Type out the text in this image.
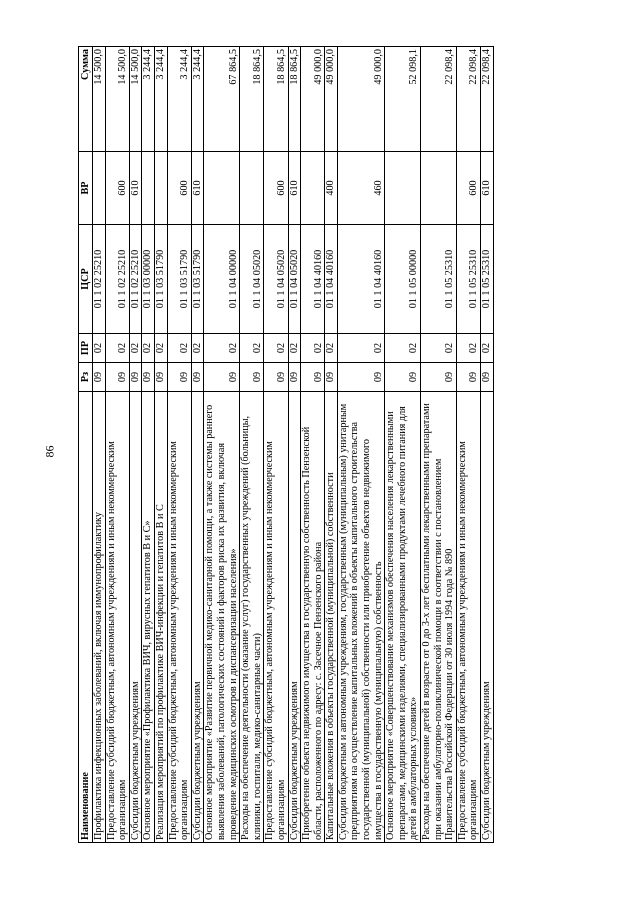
86
Наименование	Рз	ПР	ЦСР	ВР	Сумма
Профилактика инфекционных заболеваний, включая иммунопрофилактику	09	02	01 1 02 25210		14 500,0
Предоставление субсидий бюджетным, автономным учреждениям и иным некоммерческим организациям	09	02	01 1 02 25210	600	14 500,0
Субсидии бюджетным учреждениям	09	02	01 1 02 25210	610	14 500,0
Основное мероприятие «Профилактика ВИЧ, вирусных гепатитов В и С»	09	02	01 1 03 00000		3 244,4
Реализация мероприятий по профилактике ВИЧ-инфекции и гепатитов В и С	09	02	01 1 03 51790		3 244,4
Предоставление субсидий бюджетным, автономным учреждениям и иным некоммерческим организациям	09	02	01 1 03 51790	600	3 244,4
Субсидии бюджетным учреждениям	09	02	01 1 03 51790	610	3 244,4
Основное мероприятие «Развитие первичной медико-санитарной помощи, а также системы раннего выявления заболеваний, патологических состояний и факторов риска их развития, включая проведение медицинских осмотров и диспансеризации населения»	09	02	01 1 04 00000		67 864,5
Расходы на обеспечение деятельности (оказание услуг) государственных учреждений (больницы, клиники, госпитали, медико-санитарные части)	09	02	01 1 04 05020		18 864,5
Предоставление субсидий бюджетным, автономным учреждениям и иным некоммерческим организациям	09	02	01 1 04 05020	600	18 864,5
Субсидии бюджетным учреждениям	09	02	01 1 04 05020	610	18 864,5
Приобретение объекта недвижимого имущества в государственную собственность Пензенской области, расположенного по адресу: с. Засечное Пензенского района	09	02	01 1 04 40160		49 000,0
Капитальные вложения в объекты государственной (муниципальной) собственности	09	02	01 1 04 40160	400	49 000,0
Субсидии бюджетным и автономным учреждениям, государственным (муниципальным) унитарным предприятиям на осуществление капитальных вложений в объекты капитального строительства государственной (муниципальной) собственности или приобретение объектов недвижимого имущества в государственную (муниципальную) собственность	09	02	01 1 04 40160	460	49 000,0
Основное мероприятие «Совершенствование механизмов обеспечения населения лекарственными препаратами, медицинскими изделиями, специализированными продуктами лечебного питания для детей в амбулаторных условиях»	09	02	01 1 05 00000		52 098,1
Расходы на обеспечение детей в возрасте от 0 до 3-х лет бесплатными лекарственными препаратами при оказании амбулаторно-поликлинической помощи в соответствии с постановлением Правительства Российской Федерации от 30 июля 1994 года № 890	09	02	01 1 05 25310		22 098,4
Предоставление субсидий бюджетным, автономным учреждениям и иным некоммерческим организациям	09	02	01 1 05 25310	600	22 098,4
Субсидии бюджетным учреждениям	09	02	01 1 05 25310	610	22 098,4
